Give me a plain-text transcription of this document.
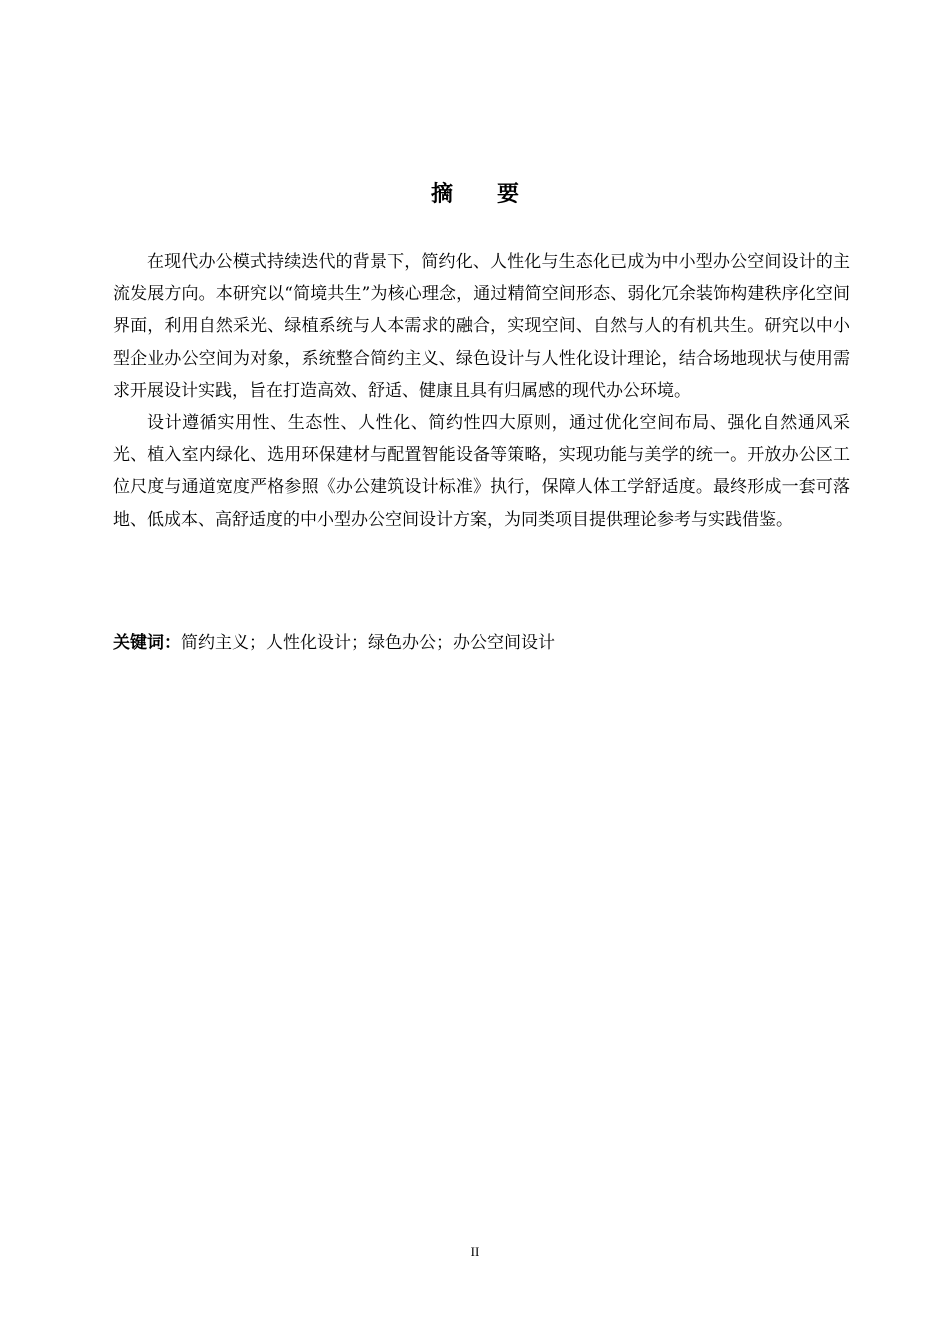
摘 要

在现代办公模式持续迭代的背景下，简约化、人性化与生态化已成为中小型办公空间设计的主流发展方向。本研究以“简境共生”为核心理念，通过精简空间形态、弱化冗余装饰构建秩序化空间界面，利用自然采光、绿植系统与人本需求的融合，实现空间、自然与人的有机共生。研究以中小型企业办公空间为对象，系统整合简约主义、绿色设计与人性化设计理论，结合场地现状与使用需求开展设计实践，旨在打造高效、舒适、健康且具有归属感的现代办公环境。

设计遵循实用性、生态性、人性化、简约性四大原则，通过优化空间布局、强化自然通风采光、植入室内绿化、选用环保建材与配置智能设备等策略，实现功能与美学的统一。开放办公区工位尺度与通道宽度严格参照《办公建筑设计标准》执行，保障人体工学舒适度。最终形成一套可落地、低成本、高舒适度的中小型办公空间设计方案，为同类项目提供理论参考与实践借鉴。

关键词：简约主义；人性化设计；绿色办公；办公空间设计

II
